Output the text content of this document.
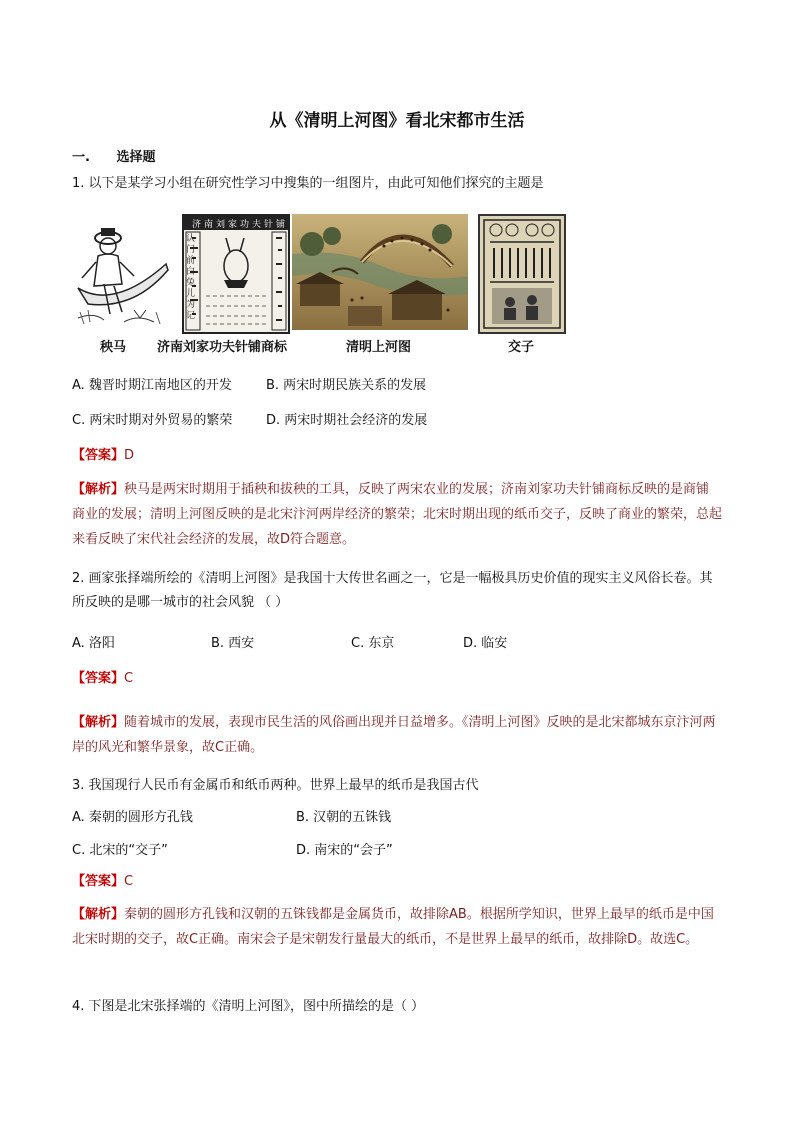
从《清明上河图》看北宋都市生活
一. 选择题
1. 以下是某学习小组在研究性学习中搜集的一组图片，由此可知他们探究的主题是
济南刘家功夫针铺
认门前白兔儿为记
秧马 济南刘家功夫针铺商标	清明上河图	交子
A. 魏晋时期江南地区的开发	B. 两宋时期民族关系的发展
C. 两宋时期对外贸易的繁荣	D. 两宋时期社会经济的发展
【答案】D
【解析】秧马是两宋时期用于插秧和拔秧的工具，反映了两宋农业的发展；济南刘家功夫针铺商标反映的是商铺商业的发展；清明上河图反映的是北宋汴河两岸经济的繁荣；北宋时期出现的纸币交子，反映了商业的繁荣，总起来看反映了宋代社会经济的发展，故D符合题意。
2. 画家张择端所绘的《清明上河图》是我国十大传世名画之一，它是一幅极具历史价值的现实主义风俗长卷。其所反映的是哪一城市的社会风貌 （ ）
A. 洛阳	B. 西安	C. 东京	D. 临安
【答案】C
【解析】随着城市的发展，表现市民生活的风俗画出现并日益增多。《清明上河图》反映的是北宋都城东京汴河两岸的风光和繁华景象，故C正确。
3. 我国现行人民币有金属币和纸币两种。世界上最早的纸币是我国古代
A. 秦朝的圆形方孔钱	B. 汉朝的五铢钱
C. 北宋的“交子”	D. 南宋的“会子”
【答案】C
【解析】秦朝的圆形方孔钱和汉朝的五铢钱都是金属货币，故排除AB。根据所学知识，世界上最早的纸币是中国北宋时期的交子，故C正确。南宋会子是宋朝发行量最大的纸币，不是世界上最早的纸币，故排除D。故选C。
4. 下图是北宋张择端的《清明上河图》，图中所描绘的是（ ）
